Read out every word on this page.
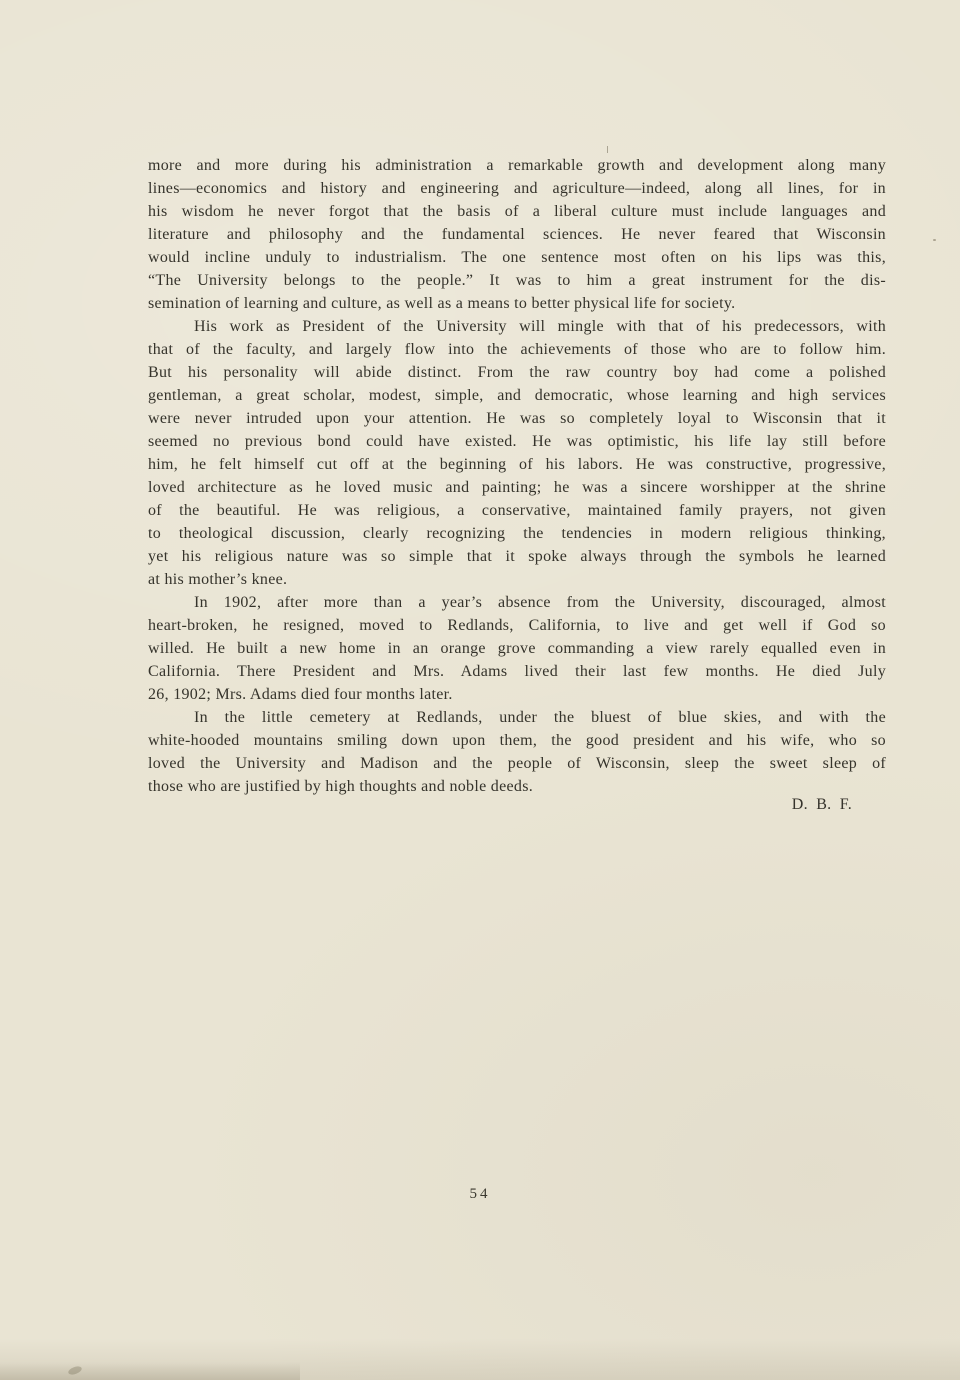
more and more during his administration a remarkable growth and development along many
lines—economics and history and engineering and agriculture—indeed, along all lines, for in
his wisdom he never forgot that the basis of a liberal culture must include languages and
literature and philosophy and the fundamental sciences. He never feared that Wisconsin
would incline unduly to industrialism. The one sentence most often on his lips was this,
“The University belongs to the people.” It was to him a great instrument for the dis-
semination of learning and culture, as well as a means to better physical life for society.
His work as President of the University will mingle with that of his predecessors, with
that of the faculty, and largely flow into the achievements of those who are to follow him.
But his personality will abide distinct. From the raw country boy had come a polished
gentleman, a great scholar, modest, simple, and democratic, whose learning and high services
were never intruded upon your attention. He was so completely loyal to Wisconsin that it
seemed no previous bond could have existed. He was optimistic, his life lay still before
him, he felt himself cut off at the beginning of his labors. He was constructive, progressive,
loved architecture as he loved music and painting; he was a sincere worshipper at the shrine
of the beautiful. He was religious, a conservative, maintained family prayers, not given
to theological discussion, clearly recognizing the tendencies in modern religious thinking,
yet his religious nature was so simple that it spoke always through the symbols he learned
at his mother’s knee.
In 1902, after more than a year’s absence from the University, discouraged, almost
heart-broken, he resigned, moved to Redlands, California, to live and get well if God so
willed. He built a new home in an orange grove commanding a view rarely equalled even in
California. There President and Mrs. Adams lived their last few months. He died July
26, 1902; Mrs. Adams died four months later.
In the little cemetery at Redlands, under the bluest of blue skies, and with the
white-hooded mountains smiling down upon them, the good president and his wife, who so
loved the University and Madison and the people of Wisconsin, sleep the sweet sleep of
those who are justified by high thoughts and noble deeds.
D. B. F.
54
